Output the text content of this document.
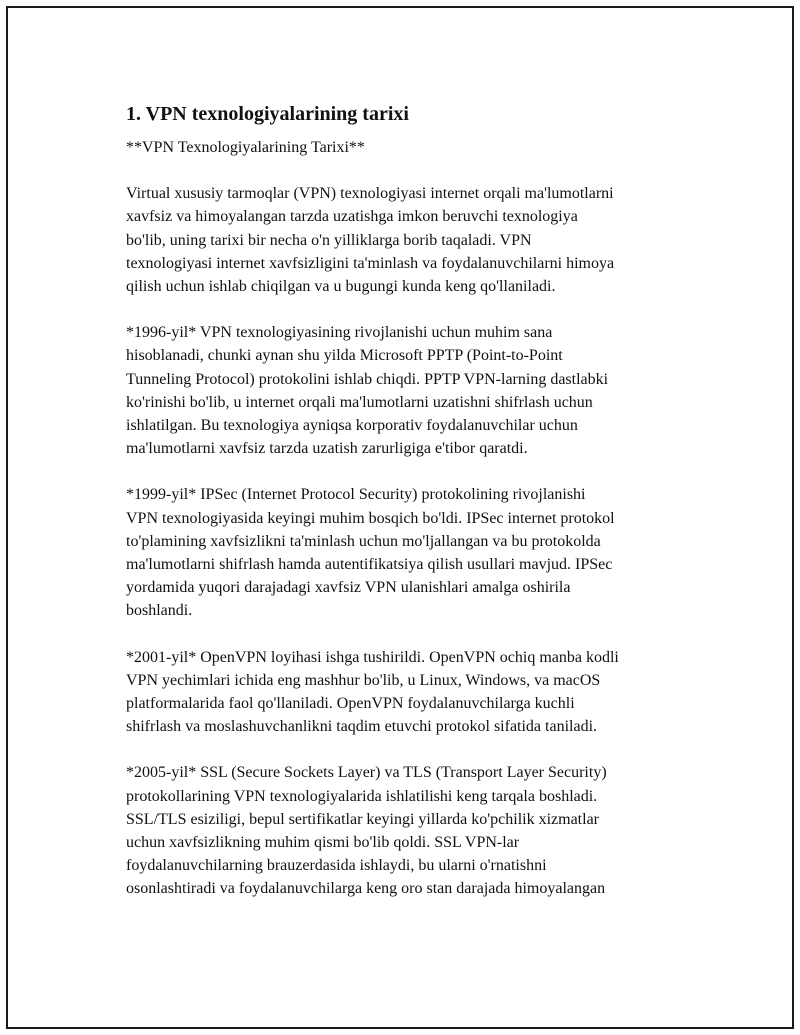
1. VPN texnologiyalarining tarixi
**VPN Texnologiyalarining Tarixi**
Virtual xususiy tarmoqlar (VPN) texnologiyasi internet orqali ma'lumotlarni
xavfsiz va himoyalangan tarzda uzatishga imkon beruvchi texnologiya
bo'lib, uning tarixi bir necha o'n yilliklarga borib taqaladi. VPN
texnologiyasi internet xavfsizligini ta'minlash va foydalanuvchilarni himoya
qilish uchun ishlab chiqilgan va u bugungi kunda keng qo'llaniladi.
*1996-yil* VPN texnologiyasining rivojlanishi uchun muhim sana
hisoblanadi, chunki aynan shu yilda Microsoft PPTP (Point-to-Point
Tunneling Protocol) protokolini ishlab chiqdi. PPTP VPN-larning dastlabki
ko'rinishi bo'lib, u internet orqali ma'lumotlarni uzatishni shifrlash uchun
ishlatilgan. Bu texnologiya ayniqsa korporativ foydalanuvchilar uchun
ma'lumotlarni xavfsiz tarzda uzatish zarurligiga e'tibor qaratdi.
*1999-yil* IPSec (Internet Protocol Security) protokolining rivojlanishi
VPN texnologiyasida keyingi muhim bosqich bo'ldi. IPSec internet protokol
to'plamining xavfsizlikni ta'minlash uchun mo'ljallangan va bu protokolda
ma'lumotlarni shifrlash hamda autentifikatsiya qilish usullari mavjud. IPSec
yordamida yuqori darajadagi xavfsiz VPN ulanishlari amalga oshirila
boshlandi.
*2001-yil* OpenVPN loyihasi ishga tushirildi. OpenVPN ochiq manba kodli
VPN yechimlari ichida eng mashhur bo'lib, u Linux, Windows, va macOS
platformalarida faol qo'llaniladi. OpenVPN foydalanuvchilarga kuchli
shifrlash va moslashuvchanlikni taqdim etuvchi protokol sifatida taniladi.
*2005-yil* SSL (Secure Sockets Layer) va TLS (Transport Layer Security)
protokollarining VPN texnologiyalarida ishlatilishi keng tarqala boshladi.
SSL/TLS esiziligi, bepul sertifikatlar keyingi yillarda ko'pchilik xizmatlar
uchun xavfsizlikning muhim qismi bo'lib qoldi. SSL VPN-lar
foydalanuvchilarning brauzerdasida ishlaydi, bu ularni o'rnatishni
osonlashtiradi va foydalanuvchilarga keng oro stan darajada himoyalangan
